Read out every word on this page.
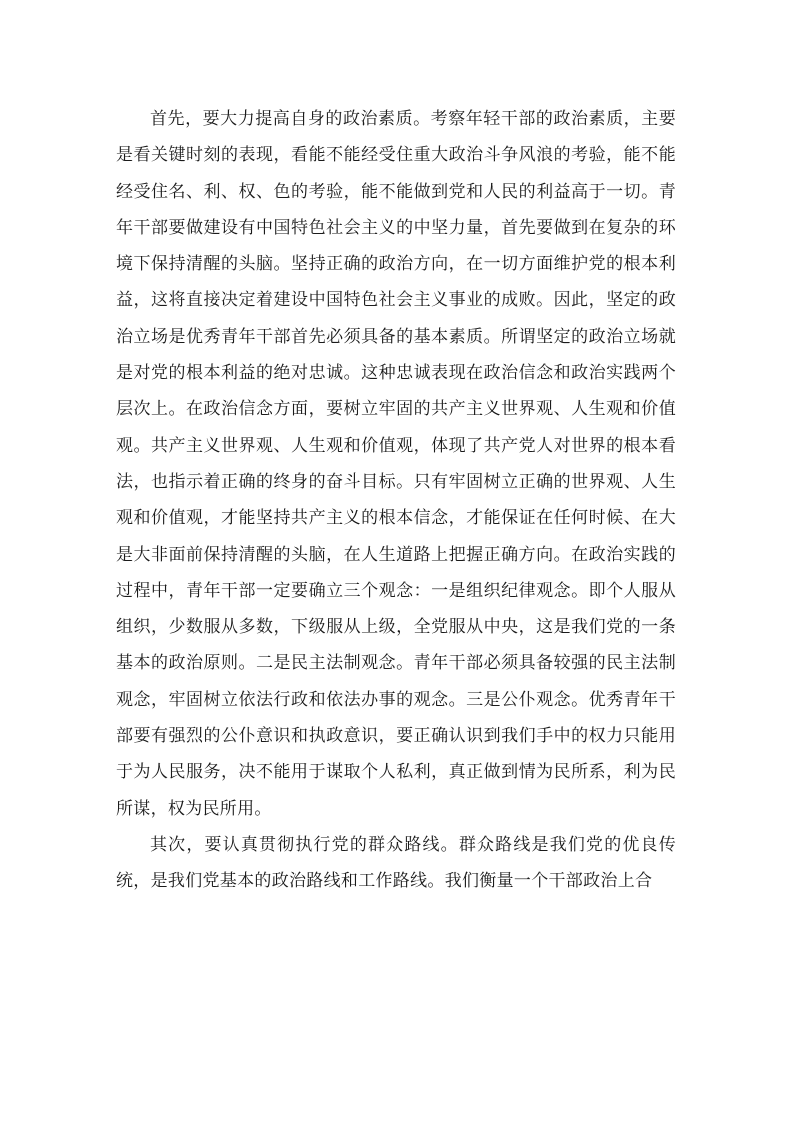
首先，要大力提高自身的政治素质。考察年轻干部的政治素质，主要是看关键时刻的表现，看能不能经受住重大政治斗争风浪的考验，能不能经受住名、利、权、色的考验，能不能做到党和人民的利益高于一切。青年干部要做建设有中国特色社会主义的中坚力量，首先要做到在复杂的环境下保持清醒的头脑。坚持正确的政治方向，在一切方面维护党的根本利益，这将直接决定着建设中国特色社会主义事业的成败。因此，坚定的政治立场是优秀青年干部首先必须具备的基本素质。所谓坚定的政治立场就是对党的根本利益的绝对忠诚。这种忠诚表现在政治信念和政治实践两个层次上。在政治信念方面，要树立牢固的共产主义世界观、人生观和价值观。共产主义世界观、人生观和价值观，体现了共产党人对世界的根本看法，也指示着正确的终身的奋斗目标。只有牢固树立正确的世界观、人生观和价值观，才能坚持共产主义的根本信念，才能保证在任何时候、在大是大非面前保持清醒的头脑，在人生道路上把握正确方向。在政治实践的过程中，青年干部一定要确立三个观念：一是组织纪律观念。即个人服从组织，少数服从多数，下级服从上级，全党服从中央，这是我们党的一条基本的政治原则。二是民主法制观念。青年干部必须具备较强的民主法制观念，牢固树立依法行政和依法办事的观念。三是公仆观念。优秀青年干部要有强烈的公仆意识和执政意识，要正确认识到我们手中的权力只能用于为人民服务，决不能用于谋取个人私利，真正做到情为民所系，利为民所谋，权为民所用。

其次，要认真贯彻执行党的群众路线。群众路线是我们党的优良传统，是我们党基本的政治路线和工作路线。我们衡量一个干部政治上合
